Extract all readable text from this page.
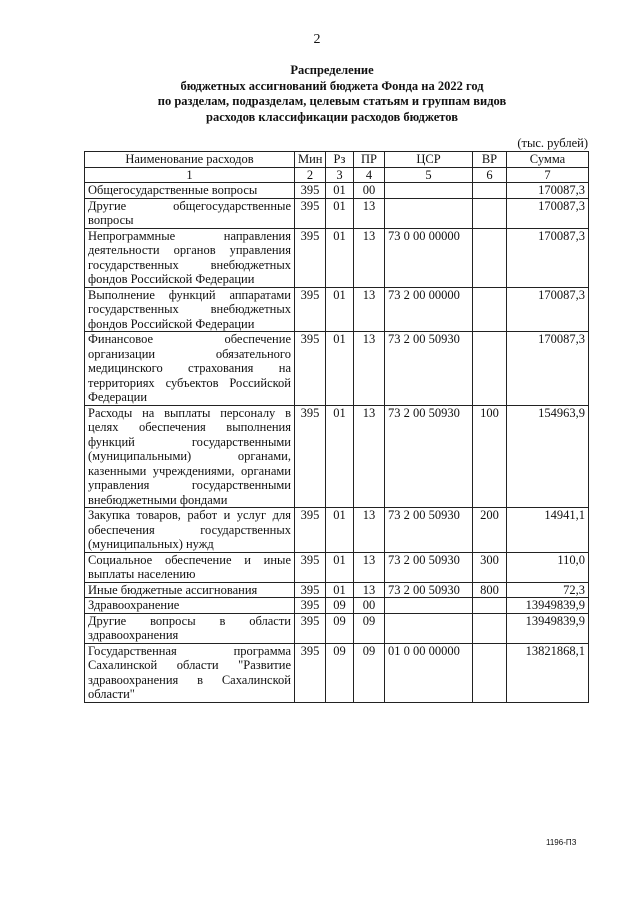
2
Распределение
бюджетных ассигнований бюджета Фонда на 2022 год
по разделам, подразделам, целевым статьям и группам видов
расходов классификации расходов бюджетов
(тыс. рублей)
Наименование расходов	Мин	Рз	ПР	ЦСР	ВР	Сумма
1	2	3	4	5	6	7
Общегосударственные вопросы	395	01	00			170087,3
Другие общегосударственные вопросы	395	01	13			170087,3
Непрограммные направления деятельности органов управления государственных внебюджетных фондов Российской Федерации	395	01	13	73 0 00 00000		170087,3
Выполнение функций аппаратами государственных внебюджетных фондов Российской Федерации	395	01	13	73 2 00 00000		170087,3
Финансовое обеспечение организации обязательного медицинского страхования на территориях субъектов Российской Федерации	395	01	13	73 2 00 50930		170087,3
Расходы на выплаты персоналу в целях обеспечения выполнения функций государственными (муниципальными) органами, казенными учреждениями, органами управления государственными внебюджетными фондами	395	01	13	73 2 00 50930	100	154963,9
Закупка товаров, работ и услуг для обеспечения государственных (муниципальных) нужд	395	01	13	73 2 00 50930	200	14941,1
Социальное обеспечение и иные выплаты населению	395	01	13	73 2 00 50930	300	110,0
Иные бюджетные ассигнования	395	01	13	73 2 00 50930	800	72,3
Здравоохранение	395	09	00			13949839,9
Другие вопросы в области здравоохранения	395	09	09			13949839,9
Государственная программа Сахалинской области "Развитие здравоохранения в Сахалинской области"	395	09	09	01 0 00 00000		13821868,1
1196-ПЗ
